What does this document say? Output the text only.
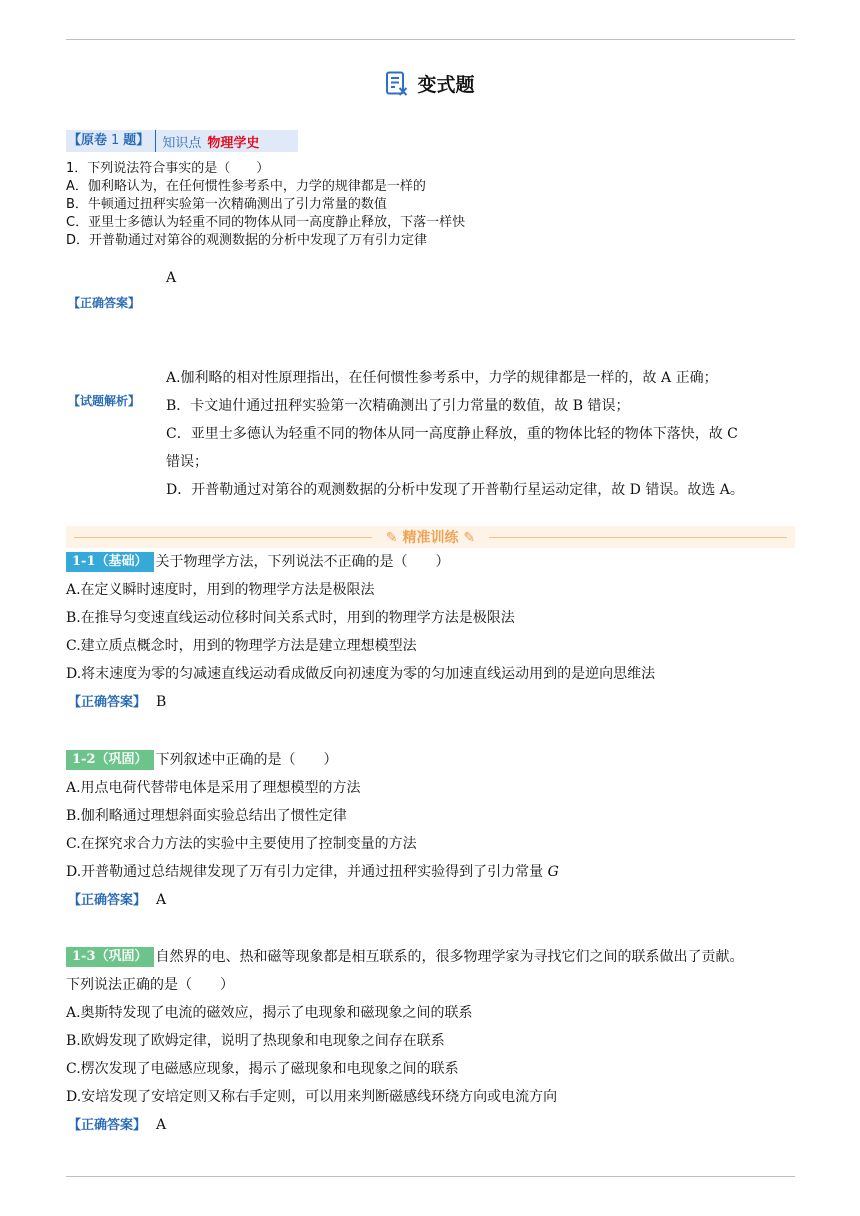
变式题
【原卷 1 题】	知识点 物理学史
1．下列说法符合事实的是（　　）
A．伽利略认为，在任何惯性参考系中，力学的规律都是一样的
B．牛顿通过扭秤实验第一次精确测出了引力常量的数值
C．亚里士多德认为轻重不同的物体从同一高度静止释放，下落一样快
D．开普勒通过对第谷的观测数据的分析中发现了万有引力定律
A
【正确答案】
【试题解析】
A.伽利略的相对性原理指出，在任何惯性参考系中，力学的规律都是一样的，故 A 正确；
B．卡文迪什通过扭秤实验第一次精确测出了引力常量的数值，故 B 错误；
C．亚里士多德认为轻重不同的物体从同一高度静止释放，重的物体比轻的物体下落快，故 C
错误；
D．开普勒通过对第谷的观测数据的分析中发现了开普勒行星运动定律，故 D 错误。故选 A。
✎ 精准训练 ✎
1-1（基础） 关于物理学方法，下列说法不正确的是（　　）
A.在定义瞬时速度时，用到的物理学方法是极限法
B.在推导匀变速直线运动位移时间关系式时，用到的物理学方法是极限法
C.建立质点概念时，用到的物理学方法是建立理想模型法
D.将末速度为零的匀减速直线运动看成做反向初速度为零的匀加速直线运动用到的是逆向思维法
【正确答案】 B
1-2（巩固） 下列叙述中正确的是（　　）
A.用点电荷代替带电体是采用了理想模型的方法
B.伽利略通过理想斜面实验总结出了惯性定律
C.在探究求合力方法的实验中主要使用了控制变量的方法
D.开普勒通过总结规律发现了万有引力定律，并通过扭秤实验得到了引力常量 G
【正确答案】 A
1-3（巩固） 自然界的电、热和磁等现象都是相互联系的，很多物理学家为寻找它们之间的联系做出了贡献。
下列说法正确的是（　　）
A.奥斯特发现了电流的磁效应，揭示了电现象和磁现象之间的联系
B.欧姆发现了欧姆定律，说明了热现象和电现象之间存在联系
C.楞次发现了电磁感应现象，揭示了磁现象和电现象之间的联系
D.安培发现了安培定则又称右手定则，可以用来判断磁感线环绕方向或电流方向
【正确答案】 A
